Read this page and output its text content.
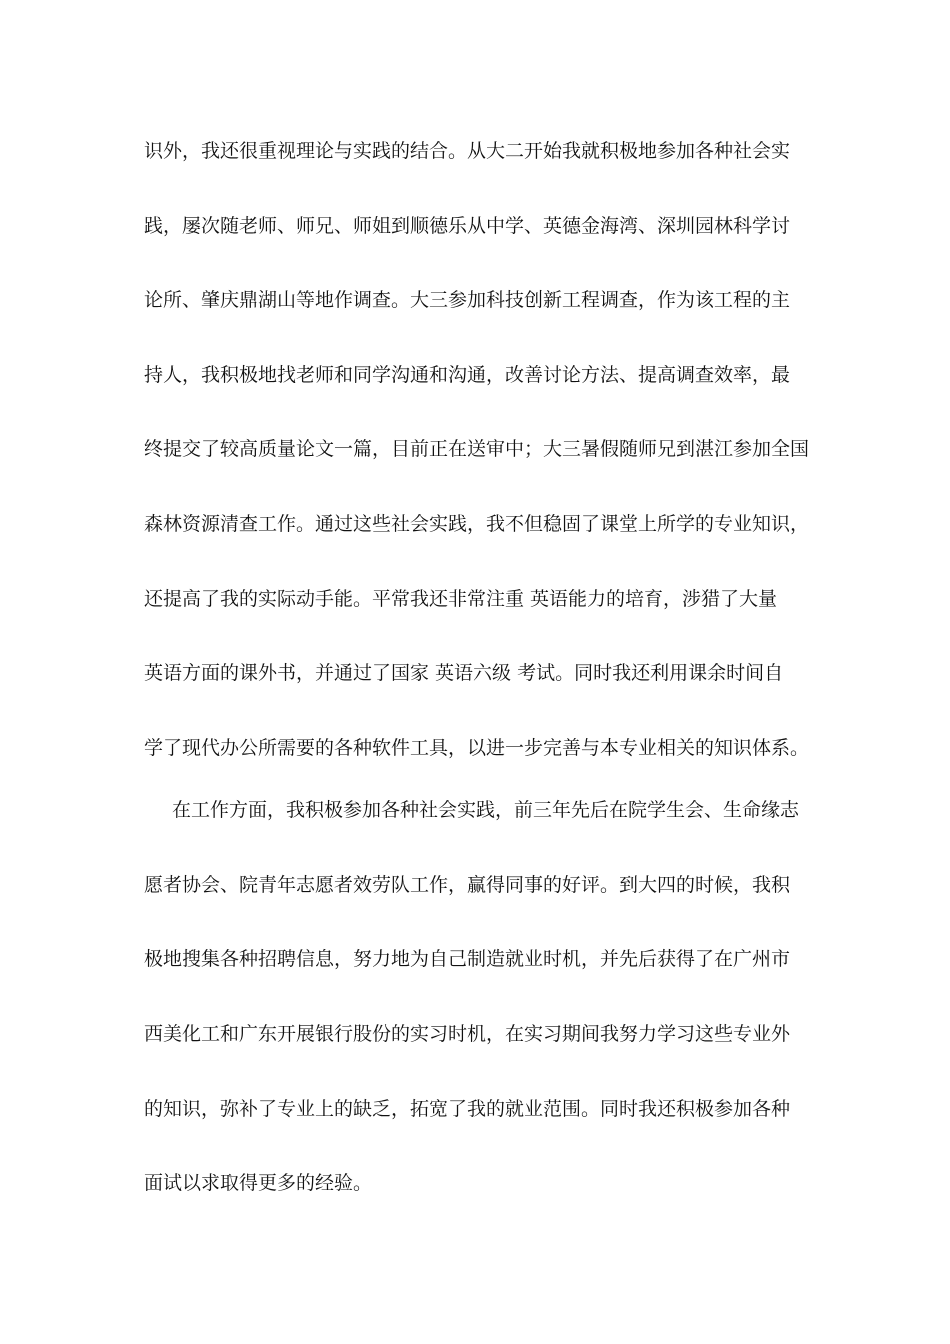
识外，我还很重视理论与实践的结合。从大二开始我就积极地参加各种社会实
践，屡次随老师、师兄、师姐到顺德乐从中学、英德金海湾、深圳园林科学讨
论所、肇庆鼎湖山等地作调查。大三参加科技创新工程调查，作为该工程的主
持人，我积极地找老师和同学沟通和沟通，改善讨论方法、提高调查效率，最
终提交了较高质量论文一篇，目前正在送审中；大三暑假随师兄到湛江参加全国
森林资源清查工作。通过这些社会实践，我不但稳固了课堂上所学的专业知识，
还提高了我的实际动手能。平常我还非常注重 英语能力的培育，涉猎了大量
英语方面的课外书，并通过了国家 英语六级 考试。同时我还利用课余时间自
学了现代办公所需要的各种软件工具，以进一步完善与本专业相关的知识体系。
在工作方面，我积极参加各种社会实践，前三年先后在院学生会、生命缘志
愿者协会、院青年志愿者效劳队工作，赢得同事的好评。到大四的时候，我积
极地搜集各种招聘信息，努力地为自己制造就业时机，并先后获得了在广州市
西美化工和广东开展银行股份的实习时机，在实习期间我努力学习这些专业外
的知识，弥补了专业上的缺乏，拓宽了我的就业范围。同时我还积极参加各种
面试以求取得更多的经验。
